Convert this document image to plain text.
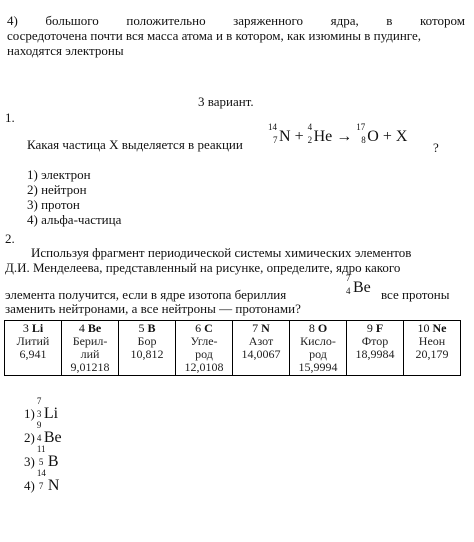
4) большого положительно заряженного ядра, в котором
сосредоточена почти вся масса атома и в котором, как изюмины в пудинге,
находятся электроны
3 вариант.
1.
Какая частица X выделяется в реакции
14
7 N +
4
2 He →
17
8 O + X
?
1) электрон
2) нейтрон
3) протон
4) альфа-частица
2.
Используя фрагмент периодической системы химических элементов
Д.И. Менделеева, представленный на рисунке, определите, ядро какого
элемента получится, если в ядре изотопа бериллия
7
4 Be все протоны
заменить нейтронами, а все нейтроны — протонами?
3 Li
Литий
6,941
	4 Be
Берил-
лий
9,01218
	5 B
Бор
10,812
	6 C
Угле-
род
12,0108
	7 N
Азот
14,0067
	8 O
Кисло-
род
15,9994
	9 F
Фтор
18,9984
	10 Ne
Неон
20,179
1)
7
3 Li
2)
9
4 Be
3)
11
5 B
4)
14
7 N
